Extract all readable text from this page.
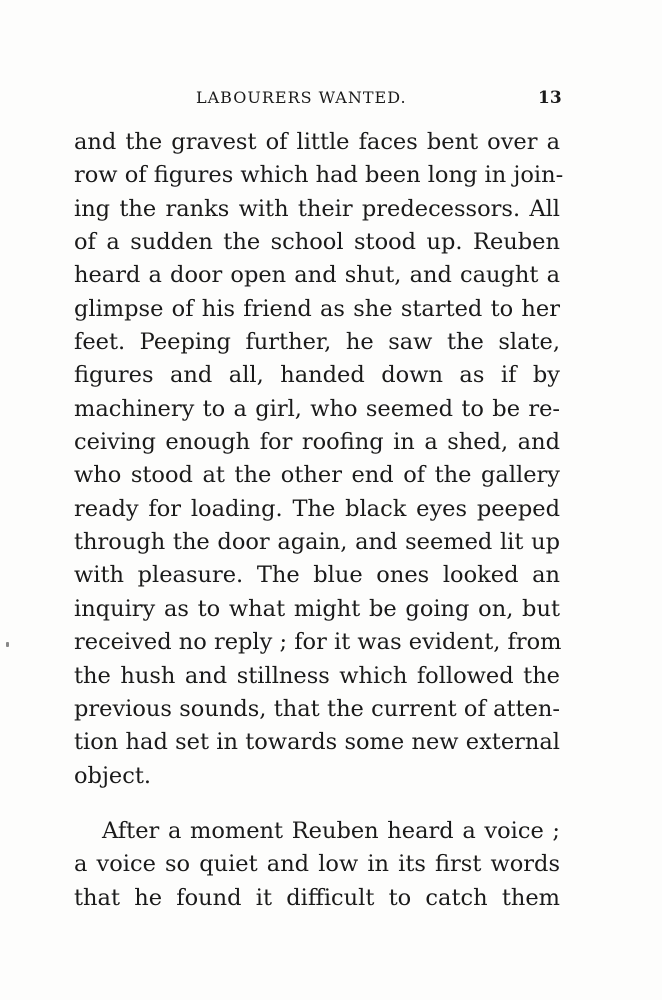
LABOURERS WANTED.	13
and the gravest of little faces bent over a
row of figures which had been long in join-
ing the ranks with their predecessors. All
of a sudden the school stood up. Reuben
heard a door open and shut, and caught a
glimpse of his friend as she started to her
feet. Peeping further, he saw the slate,
figures and all, handed down as if by
machinery to a girl, who seemed to be re-
ceiving enough for roofing in a shed, and
who stood at the other end of the gallery
ready for loading. The black eyes peeped
through the door again, and seemed lit up
with pleasure. The blue ones looked an
inquiry as to what might be going on, but
received no reply ; for it was evident, from
the hush and stillness which followed the
previous sounds, that the current of atten-
tion had set in towards some new external
object.
After a moment Reuben heard a voice ;
a voice so quiet and low in its first words
that he found it difficult to catch them
